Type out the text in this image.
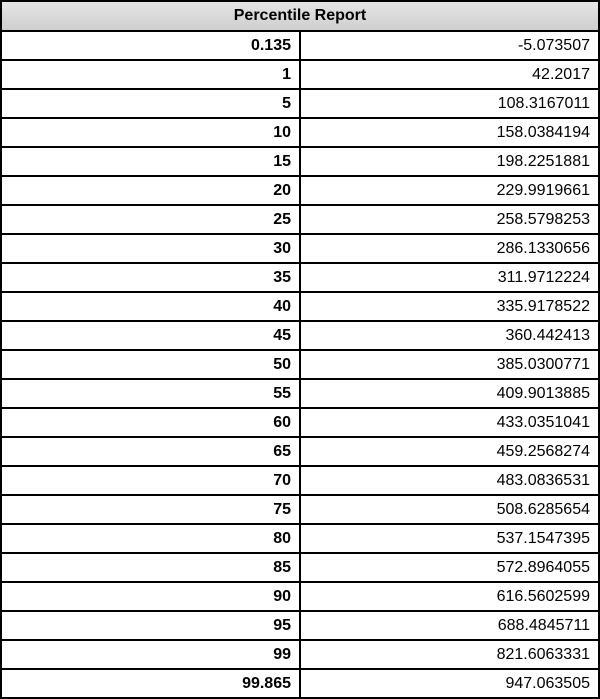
Percentile Report	
0.135	-5.073507
1	42.2017
5	108.3167011
10	158.0384194
15	198.2251881
20	229.9919661
25	258.5798253
30	286.1330656
35	311.9712224
40	335.9178522
45	360.442413
50	385.0300771
55	409.9013885
60	433.0351041
65	459.2568274
70	483.0836531
75	508.6285654
80	537.1547395
85	572.8964055
90	616.5602599
95	688.4845711
99	821.6063331
99.865	947.063505
